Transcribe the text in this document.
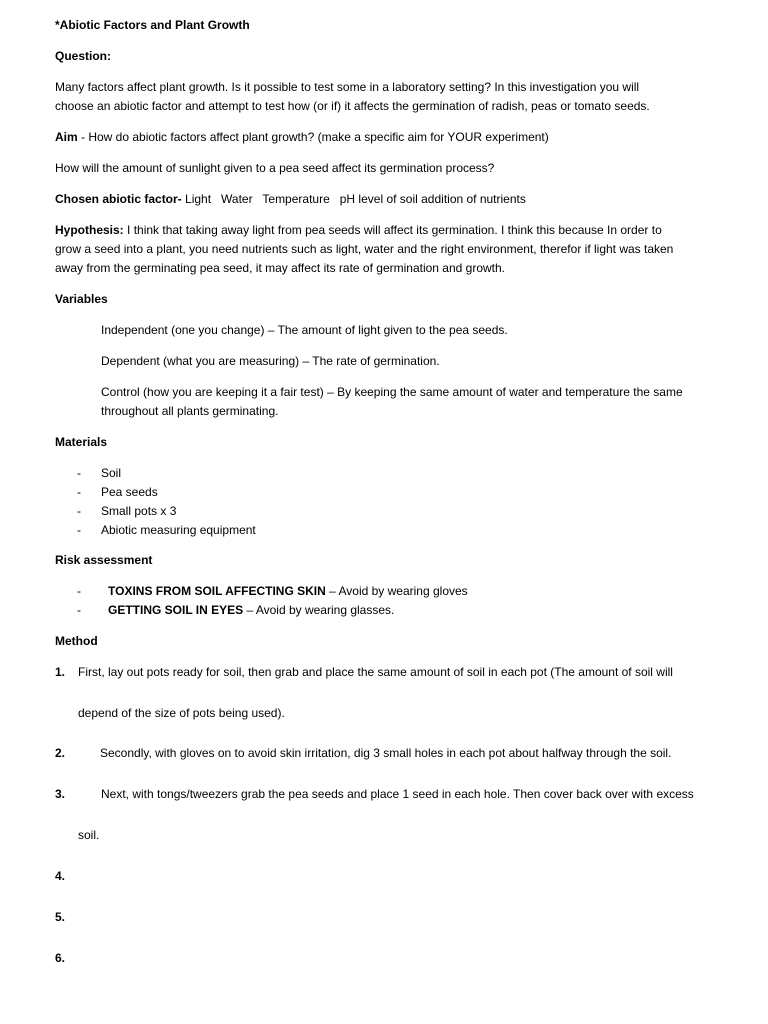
*Abiotic Factors and Plant Growth
Question:
Many factors affect plant growth. Is it possible to test some in a laboratory setting? In this investigation you will
choose an abiotic factor and attempt to test how (or if) it affects the germination of radish, peas or tomato seeds.
Aim - How do abiotic factors affect plant growth? (make a specific aim for YOUR experiment)
How will the amount of sunlight given to a pea seed affect its germination process?
Chosen abiotic factor- Light   Water   Temperature   pH level of soil addition of nutrients
Hypothesis: I think that taking away light from pea seeds will affect its germination. I think this because In order to
grow a seed into a plant, you need nutrients such as light, water and the right environment, therefor if light was taken
away from the germinating pea seed, it may affect its rate of germination and growth.
Variables
Independent (one you change) – The amount of light given to the pea seeds.
Dependent (what you are measuring) – The rate of germination.
Control (how you are keeping it a fair test) – By keeping the same amount of water and temperature the same
throughout all plants germinating.
Materials
- Soil
- Pea seeds
- Small pots x 3
- Abiotic measuring equipment
Risk assessment
- TOXINS FROM SOIL AFFECTING SKIN – Avoid by wearing gloves
- GETTING SOIL IN EYES – Avoid by wearing glasses.
Method
1. First, lay out pots ready for soil, then grab and place the same amount of soil in each pot (The amount of soil will
depend of the size of pots being used).
2.	Secondly, with gloves on to avoid skin irritation, dig 3 small holes in each pot about halfway through the soil.
3.	Next, with tongs/tweezers grab the pea seeds and place 1 seed in each hole. Then cover back over with excess
soil.
4.
5.
6.
